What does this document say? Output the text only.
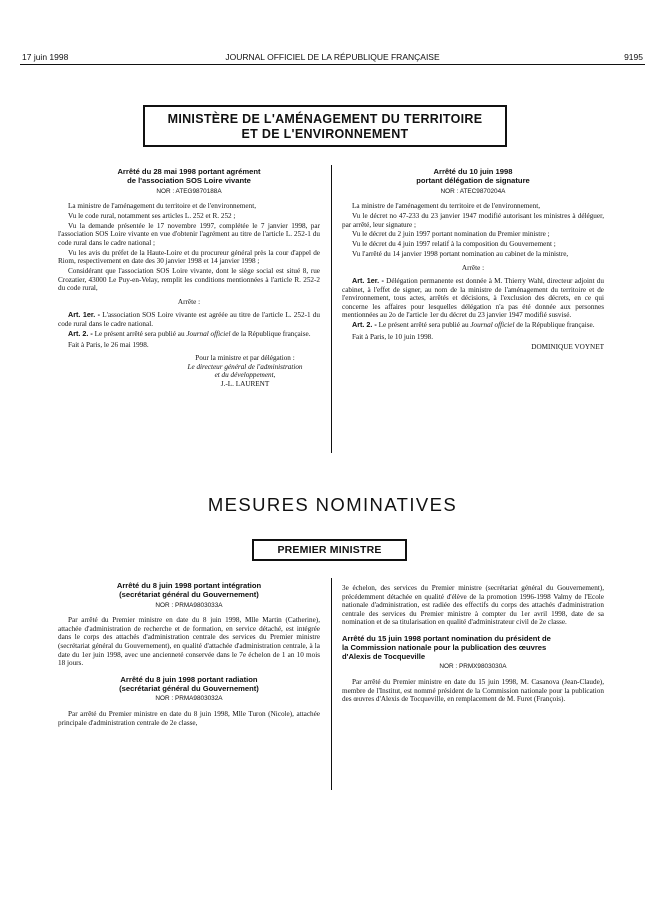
17 juin 1998	JOURNAL OFFICIEL DE LA RÉPUBLIQUE FRANÇAISE	9195
MINISTÈRE DE L'AMÉNAGEMENT DU TERRITOIRE
ET DE L'ENVIRONNEMENT
Arrêté du 28 mai 1998 portant agrément
de l'association SOS Loire vivante
NOR : ATEG9870188A

La ministre de l'aménagement du territoire et de l'environnement,

Vu le code rural, notamment ses articles L. 252 et R. 252 ;

Vu la demande présentée le 17 novembre 1997, complétée le 7 janvier 1998, par l'association SOS Loire vivante en vue d'obtenir l'agrément au titre de l'article L. 252-1 du code rural dans le cadre national ;

Vu les avis du préfet de la Haute-Loire et du procureur général près la cour d'appel de Riom, respectivement en date des 30 janvier 1998 et 14 janvier 1998 ;

Considérant que l'association SOS Loire vivante, dont le siège social est situé 8, rue Crozatier, 43000 Le Puy-en-Velay, remplit les conditions mentionnées à l'article R. 252-2 du code rural,

Arrête :

Art. 1er. - L'association SOS Loire vivante est agréée au titre de l'article L. 252-1 du code rural dans le cadre national.

Art. 2. - Le présent arrêté sera publié au Journal officiel de la République française.

Fait à Paris, le 26 mai 1998.

Pour la ministre et par délégation :
Le directeur général de l'administration
et du développement,
J.-L. LAURENT
Arrêté du 10 juin 1998
portant délégation de signature
NOR : ATEC9870204A

La ministre de l'aménagement du territoire et de l'environnement,

Vu le décret no 47-233 du 23 janvier 1947 modifié autorisant les ministres à déléguer, par arrêté, leur signature ;

Vu le décret du 2 juin 1997 portant nomination du Premier ministre ;

Vu le décret du 4 juin 1997 relatif à la composition du Gouvernement ;

Vu l'arrêté du 14 janvier 1998 portant nomination au cabinet de la ministre,

Arrête :

Art. 1er. - Délégation permanente est donnée à M. Thierry Wahl, directeur adjoint du cabinet, à l'effet de signer, au nom de la ministre de l'aménagement du territoire et de l'environnement, tous actes, arrêtés et décisions, à l'exclusion des décrets, en ce qui concerne les affaires pour lesquelles délégation n'a pas été donnée aux personnes mentionnées au 2o de l'article 1er du décret du 23 janvier 1947 modifié susvisé.

Art. 2. - Le présent arrêté sera publié au Journal officiel de la République française.

Fait à Paris, le 10 juin 1998.

DOMINIQUE VOYNET
MESURES NOMINATIVES
PREMIER MINISTRE
Arrêté du 8 juin 1998 portant intégration
(secrétariat général du Gouvernement)
NOR : PRMA9803033A

Par arrêté du Premier ministre en date du 8 juin 1998, Mlle Martin (Catherine), attachée d'administration de recherche et de formation, en service détaché, est intégrée dans le corps des attachés d'administration centrale des services du Premier ministre (secrétariat général du Gouvernement), en qualité d'attachée d'administration centrale, à la date du 1er juin 1998, avec une ancienneté conservée dans le 7e échelon de 1 an 10 mois 18 jours.

Arrêté du 8 juin 1998 portant radiation
(secrétariat général du Gouvernement)
NOR : PRMA9803032A

Par arrêté du Premier ministre en date du 8 juin 1998, Mlle Turon (Nicole), attachée principale d'administration centrale de 2e classe,

3e échelon, des services du Premier ministre (secrétariat général du Gouvernement), précédemment détachée en qualité d'élève de la promotion 1996-1998 Valmy de l'Ecole nationale d'administration, est radiée des effectifs du corps des attachés d'administration centrale des services du Premier ministre à compter du 1er avril 1998, date de sa nomination et de sa titularisation en qualité d'administrateur civil de 2e classe.

Arrêté du 15 juin 1998 portant nomination du président de
la Commission nationale pour la publication des œuvres
d'Alexis de Tocqueville
NOR : PRMX9803030A

Par arrêté du Premier ministre en date du 15 juin 1998, M. Casanova (Jean-Claude), membre de l'Institut, est nommé président de la Commission nationale pour la publication des œuvres d'Alexis de Tocqueville, en remplacement de M. Furet (François).
